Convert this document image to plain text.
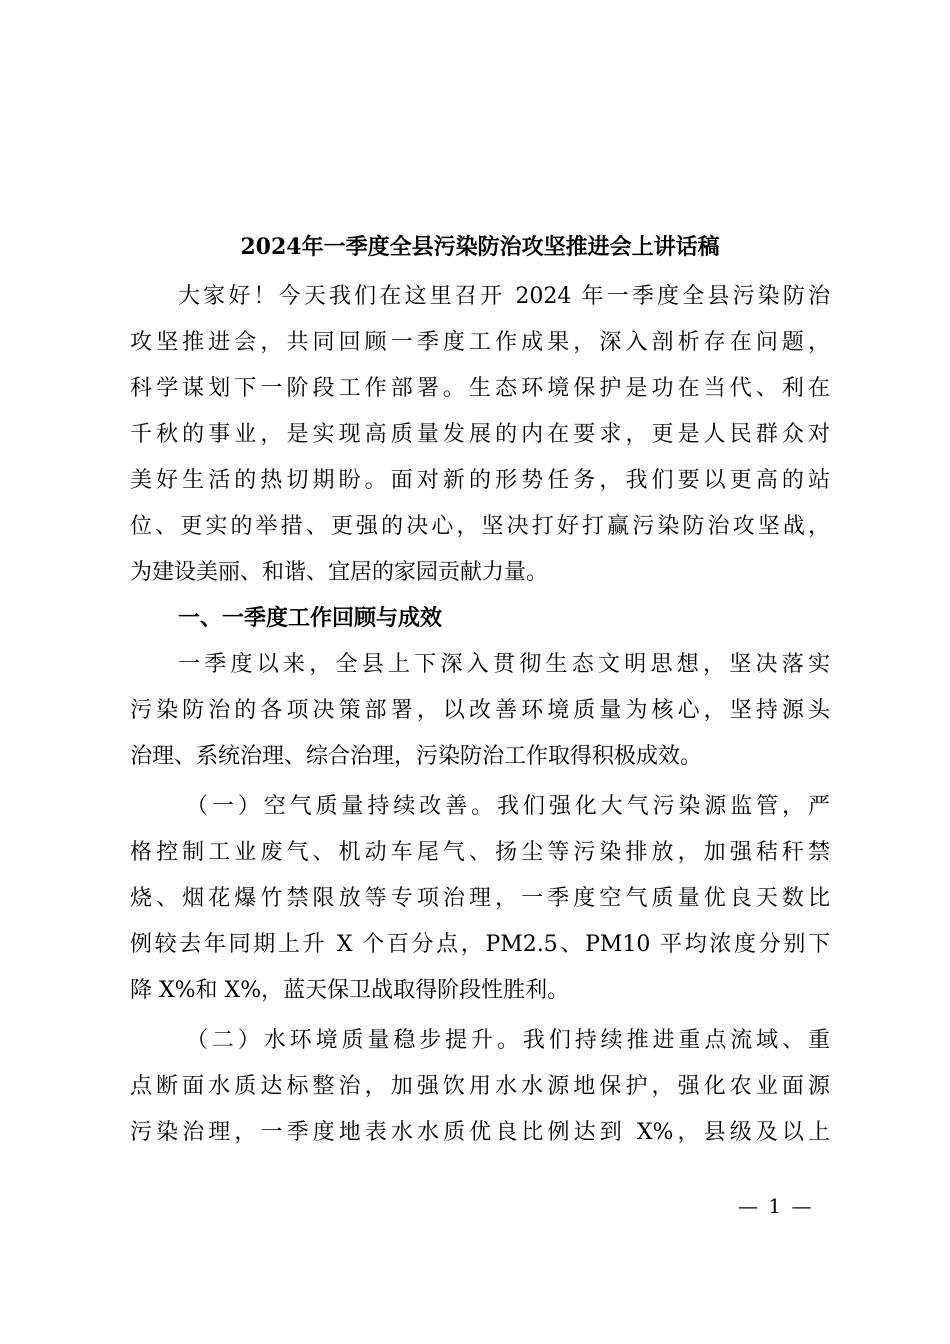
2024年一季度全县污染防治攻坚推进会上讲话稿
大家好！今天我们在这里召开 2024 年一季度全县污染防治
攻坚推进会，共同回顾一季度工作成果，深入剖析存在问题，
科学谋划下一阶段工作部署。生态环境保护是功在当代、利在
千秋的事业，是实现高质量发展的内在要求，更是人民群众对
美好生活的热切期盼。面对新的形势任务，我们要以更高的站
位、更实的举措、更强的决心，坚决打好打赢污染防治攻坚战，
为建设美丽、和谐、宜居的家园贡献力量。
一、一季度工作回顾与成效
一季度以来，全县上下深入贯彻生态文明思想，坚决落实
污染防治的各项决策部署，以改善环境质量为核心，坚持源头
治理、系统治理、综合治理，污染防治工作取得积极成效。
（一）空气质量持续改善。我们强化大气污染源监管，严
格控制工业废气、机动车尾气、扬尘等污染排放，加强秸秆禁
烧、烟花爆竹禁限放等专项治理，一季度空气质量优良天数比
例较去年同期上升 X 个百分点，PM2.5、PM10 平均浓度分别下
降 X%和 X%，蓝天保卫战取得阶段性胜利。
（二）水环境质量稳步提升。我们持续推进重点流域、重
点断面水质达标整治，加强饮用水水源地保护，强化农业面源
污染治理，一季度地表水水质优良比例达到 X%，县级及以上
— 1 —
